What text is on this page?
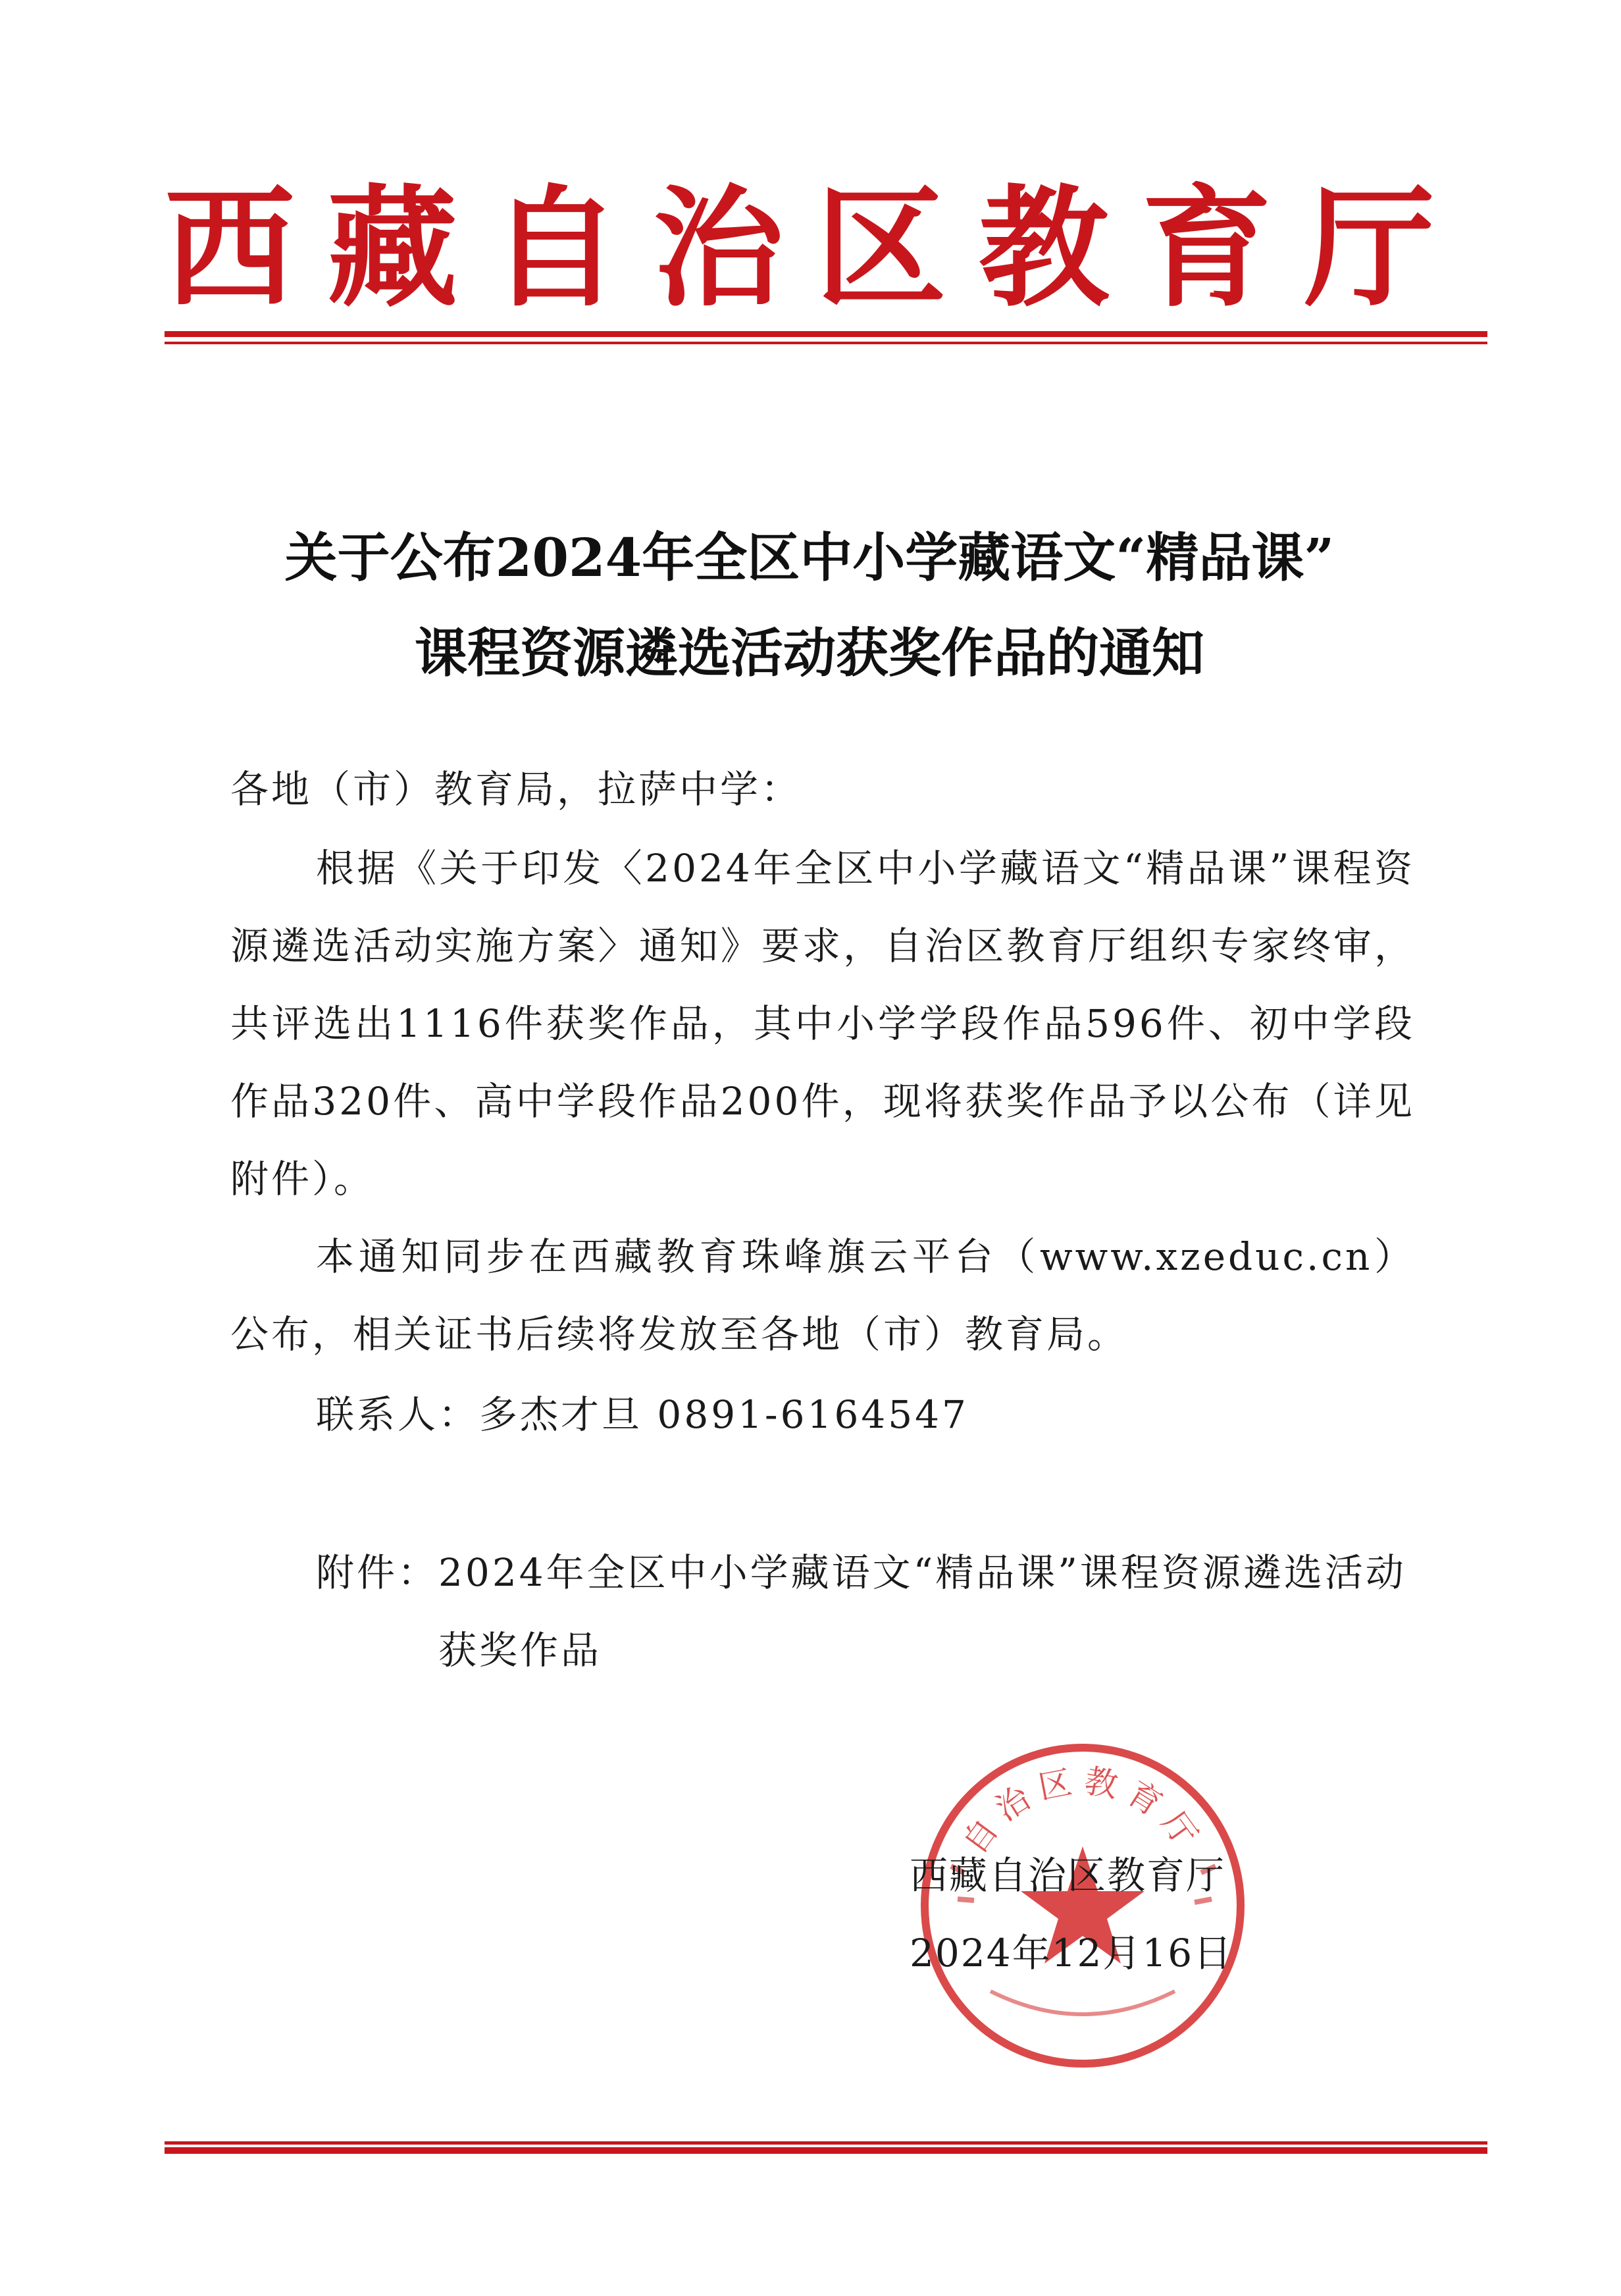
西 藏 自 治 区 教 育 厅
关于公布2024年全区中小学藏语文“精品课”
课程资源遴选活动获奖作品的通知
各地（市）教育局，拉萨中学：

根据《关于印发〈2024年全区中小学藏语文“精品课”课程资源遴选活动实施方案〉通知》要求，自治区教育厅组织专家终审，共评选出1116件获奖作品，其中小学学段作品596件、初中学段作品320件、高中学段作品200件，现将获奖作品予以公布（详见附件）。

本通知同步在西藏教育珠峰旗云平台（www.xzeduc.cn）公布，相关证书后续将发放至各地（市）教育局。

联系人：多杰才旦 0891-6164547

附件： 2024年全区中小学藏语文“精品课”课程资源遴选活动获奖作品
自治区教育厅
西藏自治区教育厅
2024年12月16日
